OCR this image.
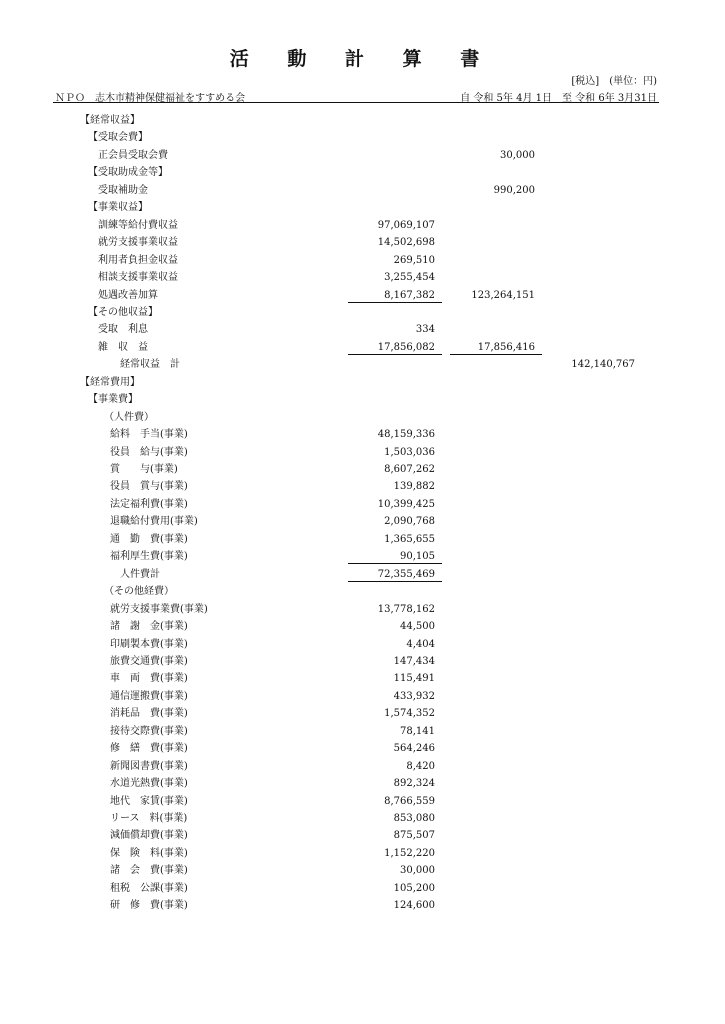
活 動 計 算 書
[税込]　(単位：円)
ＮＰＯ　志木市精神保健福祉をすすめる会	自 令和 5年 4月 1日　至 令和 6年 3月31日
【経常収益】
【受取会費】
正会員受取会費	30,000
【受取助成金等】
受取補助金	990,200
【事業収益】
訓練等給付費収益	97,069,107
就労支援事業収益	14,502,698
利用者負担金収益	269,510
相談支援事業収益	3,255,454
処遇改善加算	8,167,382	123,264,151
【その他収益】
受取　利息	334
雑　収　益	17,856,082	17,856,416
経常収益　計	142,140,767
【経常費用】
【事業費】
（人件費）
給料　手当(事業)	48,159,336
役員　給与(事業)	1,503,036
賞　　与(事業)	8,607,262
役員　賞与(事業)	139,882
法定福利費(事業)	10,399,425
退職給付費用(事業)	2,090,768
通　勤　費(事業)	1,365,655
福利厚生費(事業)	90,105
人件費計	72,355,469
（その他経費）
就労支援事業費(事業)	13,778,162
諸　謝　金(事業)	44,500
印刷製本費(事業)	4,404
旅費交通費(事業)	147,434
車　両　費(事業)	115,491
通信運搬費(事業)	433,932
消耗品　費(事業)	1,574,352
接待交際費(事業)	78,141
修　繕　費(事業)	564,246
新聞図書費(事業)	8,420
水道光熱費(事業)	892,324
地代　家賃(事業)	8,766,559
リース　料(事業)	853,080
減価償却費(事業)	875,507
保　険　料(事業)	1,152,220
諸　会　費(事業)	30,000
租税　公課(事業)	105,200
研　修　費(事業)	124,600
